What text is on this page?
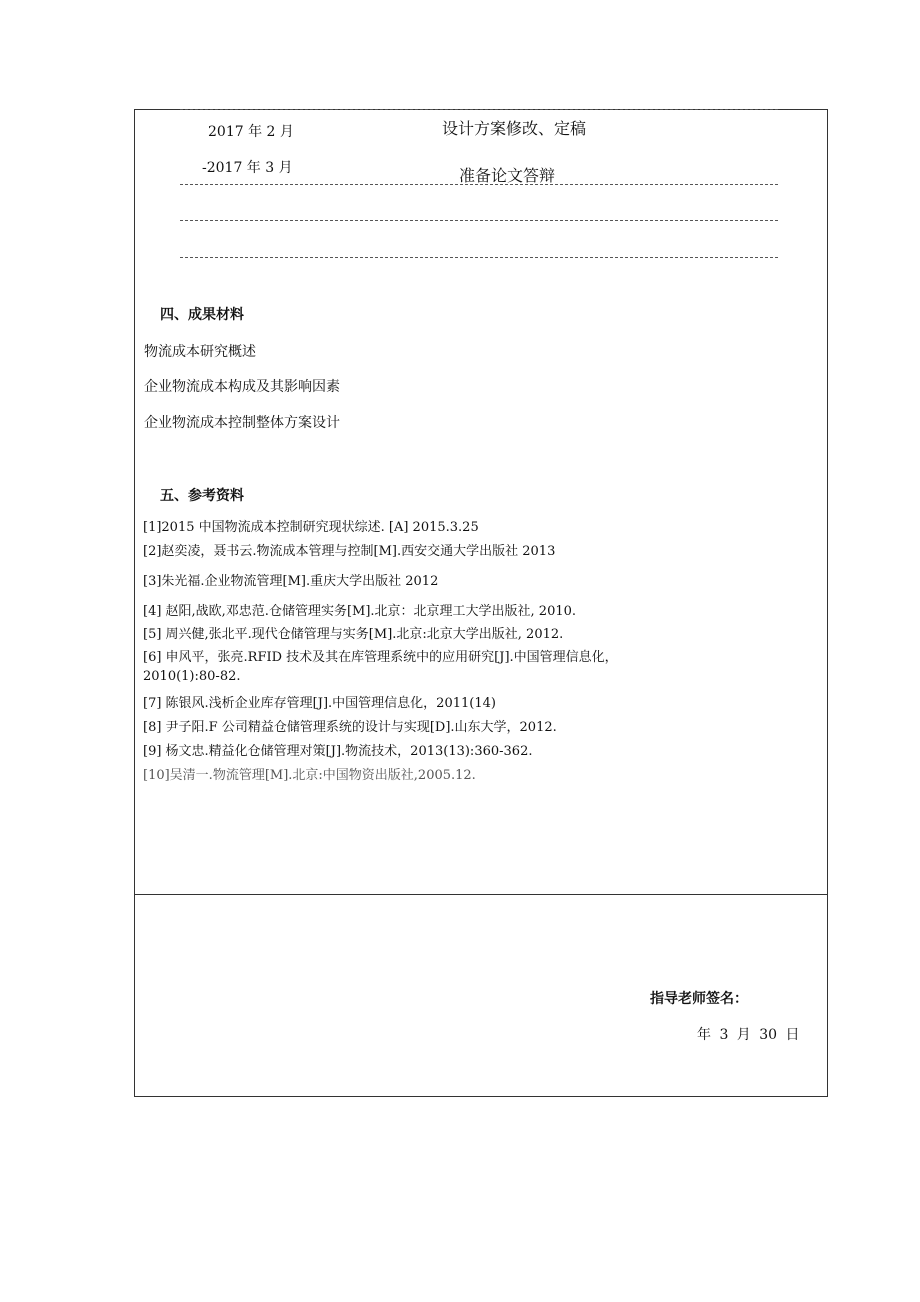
2017 年 2 月	设计方案修改、定稿
-2017 年 3 月	准备论文答辩
四、成果材料
物流成本研究概述
企业物流成本构成及其影响因素
企业物流成本控制整体方案设计
五、参考资料
[1]2015 中国物流成本控制研究现状综述. [A] 2015.3.25
[2]赵奕凌，聂书云.物流成本管理与控制[M].西安交通大学出版社 2013
[3]朱光福.企业物流管理[M].重庆大学出版社 2012
[4] 赵阳,战欧,邓忠范.仓储管理实务[M].北京：北京理工大学出版社, 2010.
[5] 周兴健,张北平.现代仓储管理与实务[M].北京:北京大学出版社, 2012.
[6] 申风平，张亮.RFID 技术及其在库管理系统中的应用研究[J].中国管理信息化，
2010(1):80-82.
[7] 陈银风.浅析企业库存管理[J].中国管理信息化，2011(14)
[8] 尹子阳.F 公司精益仓储管理系统的设计与实现[D].山东大学，2012.
[9] 杨文忠.精益化仓储管理对策[J].物流技术，2013(13):360-362.
[10]吴清一.物流管理[M].北京:中国物资出版社,2005.12.
指导老师签名：
年 3 月 30 日
